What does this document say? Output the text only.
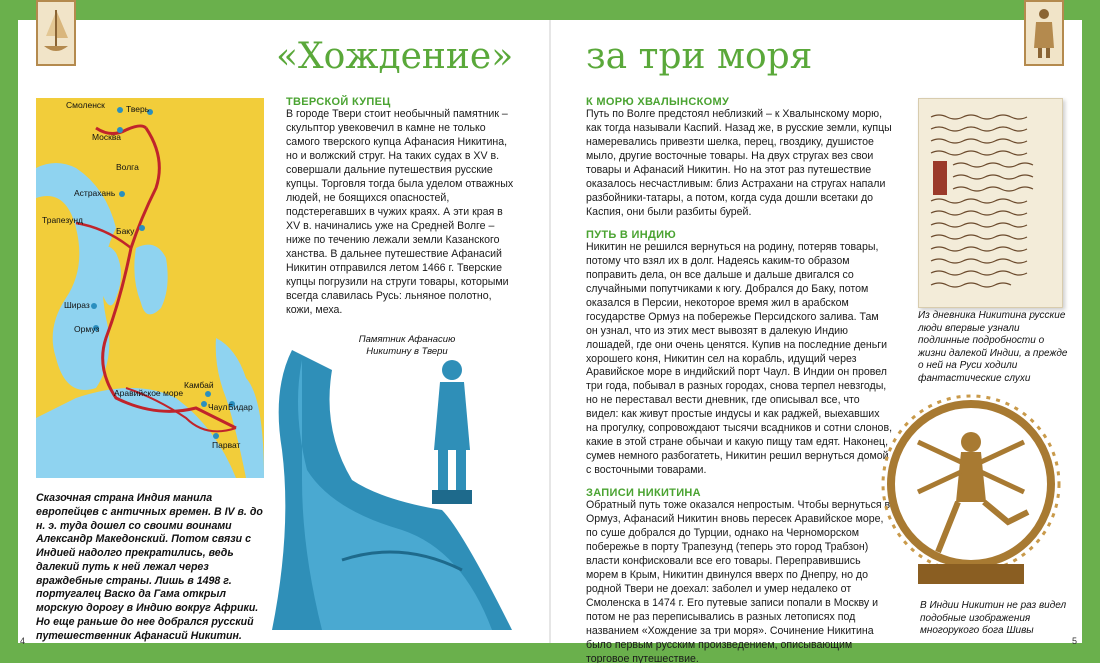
«Хождение» за три моря
Смоленск Тверь
Москва
Волга
Астрахань
Трапезунд
Баку
Шираз
Ормуз
Аравийское море
Камбай
Чаул Бидар
Парват
Сказочная страна Индия манила европейцев с античных времен. В IV в. до н. э. туда дошел со своими воинами Александр Македонский. Потом связи с Индией надолго прекратились, ведь далекий путь к ней лежал через враждебные страны. Лишь в 1498 г. португалец Васко да Гама открыл морскую дорогу в Индию вокруг Африки. Но еще раньше до нее добрался русский путешественник Афанасий Никитин.
ТВЕРСКОЙ КУПЕЦ
В городе Твери стоит необычный памятник – скульптор увековечил в камне не только самого тверского купца Афанасия Никитина, но и волжский струг. На таких судах в XV в. совершали дальние путешествия русские купцы. Торговля тогда была уделом отважных людей, не боящихся опасностей, подстерегавших в чужих краях. А эти края в XV в. начинались уже на Средней Волге – ниже по течению лежали земли Казанского ханства. В дальнее путешествие Афанасий Никитин отправился летом 1466 г. Тверские купцы погрузили на струги товары, которыми всегда славилась Русь: льняное полотно, кожи, меха.
Памятник Афанасию Никитину в Твери
К МОРЮ ХВАЛЫНСКОМУ
Путь по Волге предстоял неблизкий – к Хвалынскому морю, как тогда называли Каспий. Назад же, в русские земли, купцы намеревались привезти шелка, перец, гвоздику, душистое мыло, другие восточные товары. На двух стругах вез свои товары и Афанасий Никитин. Но на этот раз путешествие оказалось несчастливым: близ Астрахани на стругах напали разбойники-татары, а потом, когда суда дошли всетаки до Каспия, они были разбиты бурей.
ПУТЬ В ИНДИЮ
Никитин не решился вернуться на родину, потеряв товары, потому что взял их в долг. Надеясь каким-то образом поправить дела, он все дальше и дальше двигался со случайными попутчиками к югу. Добрался до Баку, потом оказался в Персии, некоторое время жил в арабском государстве Ормуз на побережье Персидского залива. Там он узнал, что из этих мест вывозят в далекую Индию лошадей, где они очень ценятся. Купив на последние деньги хорошего коня, Никитин сел на корабль, идущий через Аравийское море в индийский порт Чаул. В Индии он провел три года, побывал в разных городах, снова терпел невзгоды, но не переставал вести дневник, где описывал все, что видел: как живут простые индусы и как раджей, выехавших на прогулку, сопровождают тысячи всадников и сотни слонов, какие в этой стране обычаи и какую пищу там едят. Наконец, сумев немного разбогатеть, Никитин решил вернуться домой с восточными товарами.
ЗАПИСИ НИКИТИНА
Обратный путь тоже оказался непростым. Чтобы вернуться в Ормуз, Афанасий Никитин вновь пересек Аравийское море, по суше добрался до Турции, однако на Черноморском побережье в порту Трапезунд (теперь это город Трабзон) власти конфисковали все его товары. Переправившись морем в Крым, Никитин двинулся вверх по Днепру, но до родной Твери не доехал: заболел и умер недалеко от Смоленска в 1474 г. Его путевые записи попали в Москву и потом не раз переписывались в разных летописях под названием «Хождение за три моря». Сочинение Никитина было первым русским произведением, описывающим торговое путешествие.
Из дневника Никитина русские люди впервые узнали подлинные подробности о жизни далекой Индии, а прежде о ней на Руси ходили фантастические слухи
В Индии Никитин не раз видел подобные изображения многорукого бога Шивы
4	5
